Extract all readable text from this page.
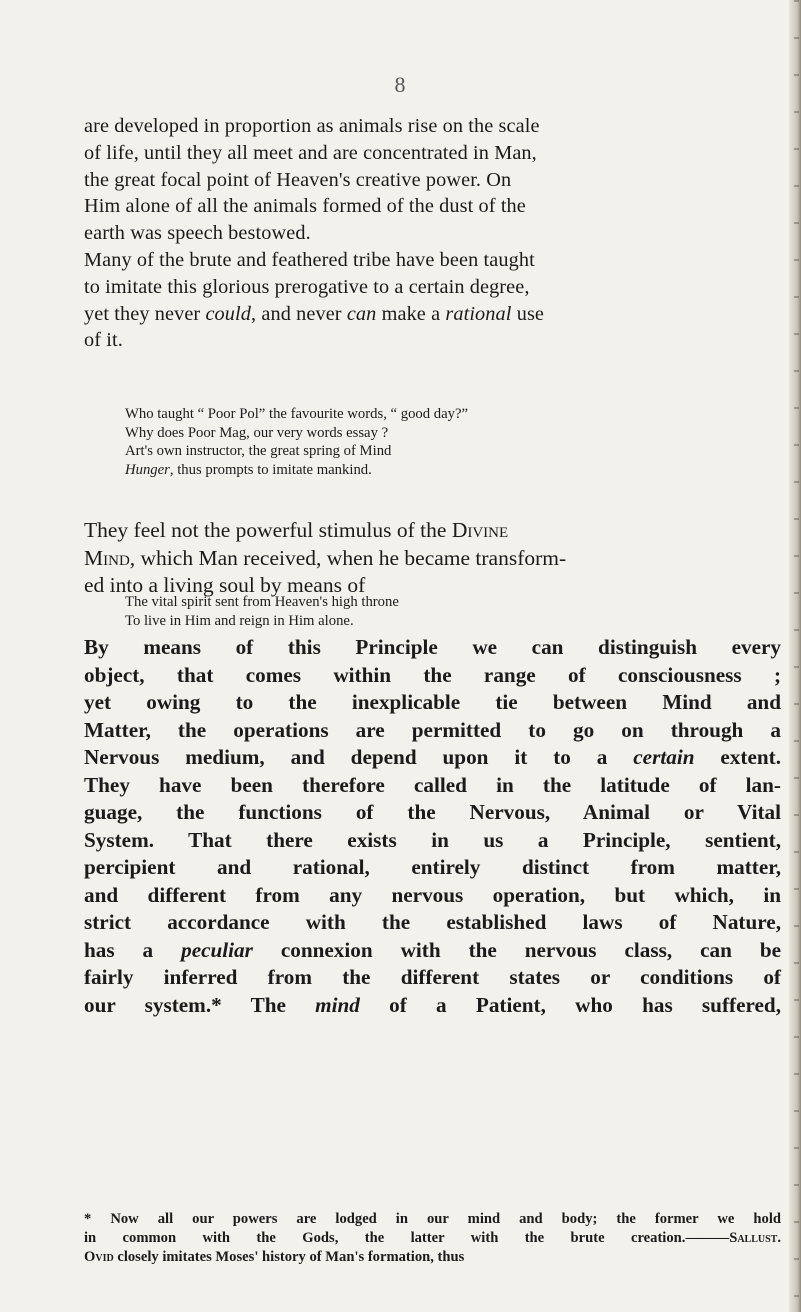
8
are developed in proportion as animals rise on the scale
of life, until they all meet and are concentrated in Man,
the great focal point of Heaven's creative power. On
Him alone of all the animals formed of the dust of the
earth was speech bestowed.
Many of the brute and feathered tribe have been taught
to imitate this glorious prerogative to a certain degree,
yet they never could, and never can make a rational use
of it.
Who taught “ Poor Pol” the favourite words, “ good day?”
Why does Poor Mag, our very words essay ?
Art's own instructor, the great spring of Mind
Hunger, thus prompts to imitate mankind.
They feel not the powerful stimulus of the Divine
Mind, which Man received, when he became transform-
ed into a living soul by means of
The vital spirit sent from Heaven's high throne
To live in Him and reign in Him alone.
By means of this Principle we can distinguish every
object, that comes within the range of consciousness ;
yet owing to the inexplicable tie between Mind and
Matter, the operations are permitted to go on through a
Nervous medium, and depend upon it to a certain extent.
They have been therefore called in the latitude of lan-
guage, the functions of the Nervous, Animal or Vital
System. That there exists in us a Principle, sentient,
percipient and rational, entirely distinct from matter,
and different from any nervous operation, but which, in
strict accordance with the established laws of Nature,
has a peculiar connexion with the nervous class, can be
fairly inferred from the different states or conditions of
our system.* The mind of a Patient, who has suffered,
* Now all our powers are lodged in our mind and body; the former we hold
in common with the Gods, the latter with the brute creation.———Sallust.
Ovid closely imitates Moses' history of Man's formation, thus
